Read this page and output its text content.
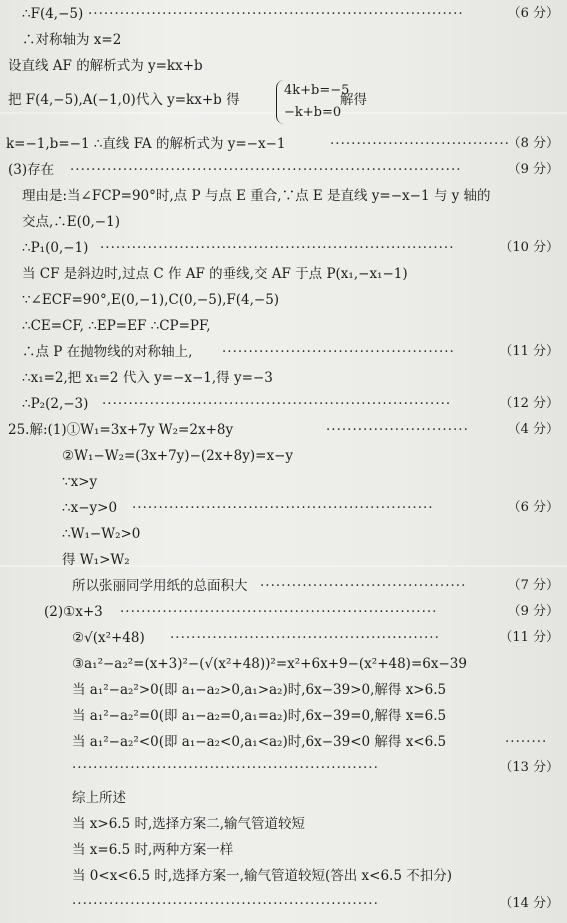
∴F(4,−5) ·······································································	（6 分）
∴对称轴为 x=2
设直线 AF 的解析式为 y=kx+b
把 F(4,−5),A(−1,0)代入 y=kx+b 得	解得
4k+b=−5
−k+b=0
k=−1,b=−1 ∴直线 FA 的解析式为 y=−x−1	··································
（8 分）
(3)存在 ··········································································	（9 分）
理由是:当∠FCP=90°时,点 P 与点 E 重合,∵点 E 是直线 y=−x−1 与 y 轴的
交点,∴E(0,−1)
∴P₁(0,−1) ···································································	（10 分）
当 CF 是斜边时,过点 C 作 AF 的垂线,交 AF 于点 P(x₁,−x₁−1)
∵∠ECF=90°,E(0,−1),C(0,−5),F(4,−5)
∴CE=CF, ∴EP=EF ∴CP=PF,
∴点 P 在抛物线的对称轴上, ············································	（11 分）
∴x₁=2,把 x₁=2 代入 y=−x−1,得 y=−3
∴P₂(2,−3) ··································································	（12 分）
25.解:(1)①W₁=3x+7y W₂=2x+8y	···························	（4 分）
②W₁−W₂=(3x+7y)−(2x+8y)=x−y
∵x>y
∴x−y>0 ·························································	（6 分）
∴W₁−W₂>0
得 W₁>W₂
所以张丽同学用纸的总面积大 ·······································	（7 分）
(2)①x+3 ····························································	（9 分）
②√(x²+48) ···················································	（11 分）
③a₁²−a₂²=(x+3)²−(√(x²+48))²=x²+6x+9−(x²+48)=6x−39
当 a₁²−a₂²>0(即 a₁−a₂>0,a₁>a₂)时,6x−39>0,解得 x>6.5
当 a₁²−a₂²=0(即 a₁−a₂=0,a₁=a₂)时,6x−39=0,解得 x=6.5
当 a₁²−a₂²<0(即 a₁−a₂<0,a₁<a₂)时,6x−39<0 解得 x<6.5	········
··························································	（13 分）
综上所述
当 x>6.5 时,选择方案二,输气管道较短
当 x=6.5 时,两种方案一样
当 0<x<6.5 时,选择方案一,输气管道较短(答出 x<6.5 不扣分)
··························································	（14 分）
